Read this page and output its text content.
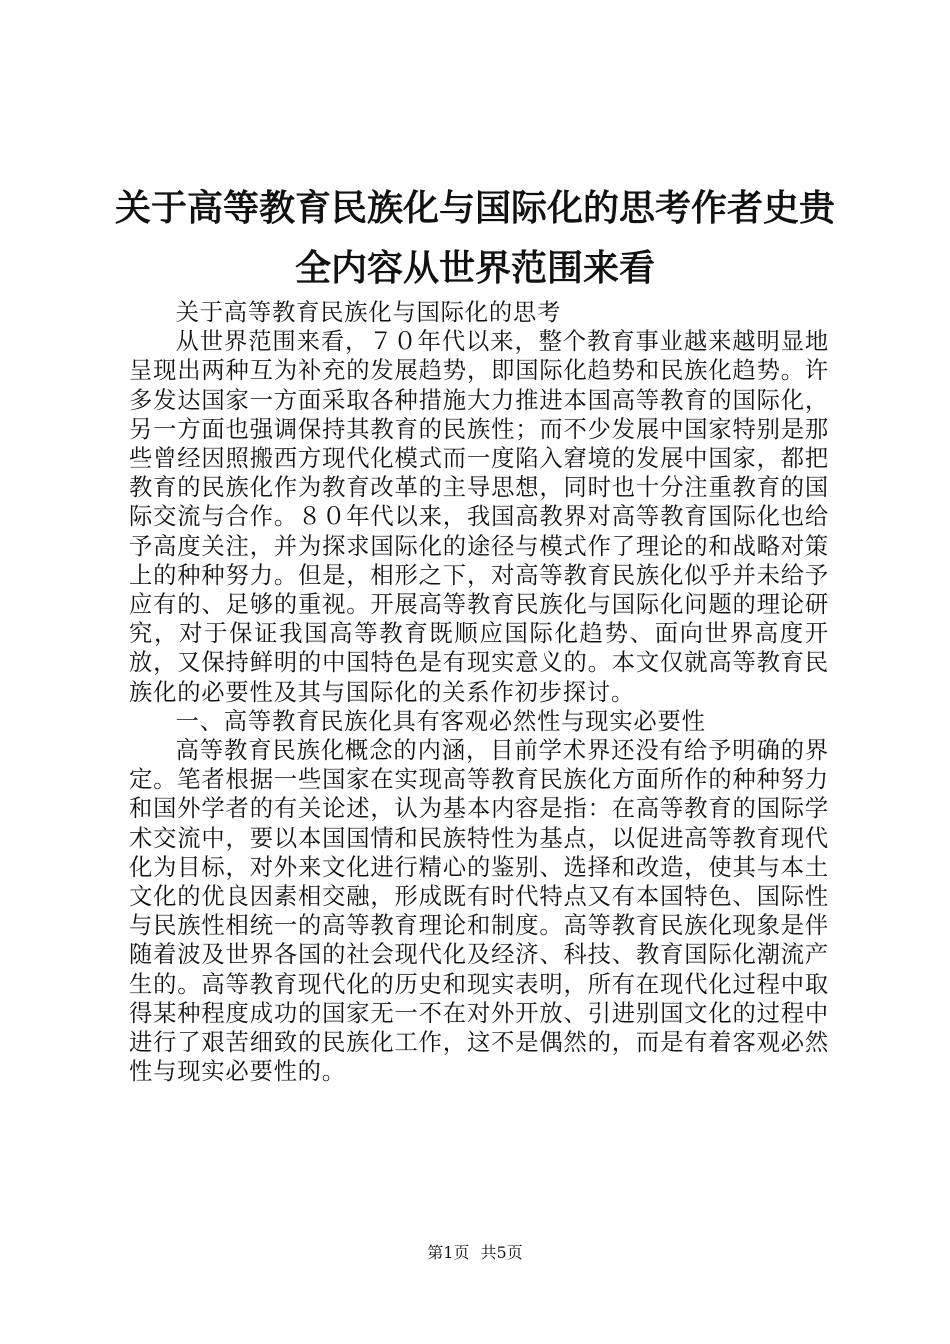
关于高等教育民族化与国际化的思考作者史贵
全内容从世界范围来看

关于高等教育民族化与国际化的思考

从世界范围来看，７０年代以来，整个教育事业越来越明显地呈现出两种互为补充的发展趋势，即国际化趋势和民族化趋势。许多发达国家一方面采取各种措施大力推进本国高等教育的国际化，另一方面也强调保持其教育的民族性；而不少发展中国家特别是那些曾经因照搬西方现代化模式而一度陷入窘境的发展中国家，都把教育的民族化作为教育改革的主导思想，同时也十分注重教育的国际交流与合作。８０年代以来，我国高教界对高等教育国际化也给予高度关注，并为探求国际化的途径与模式作了理论的和战略对策上的种种努力。但是，相形之下，对高等教育民族化似乎并未给予应有的、足够的重视。开展高等教育民族化与国际化问题的理论研究，对于保证我国高等教育既顺应国际化趋势、面向世界高度开放，又保持鲜明的中国特色是有现实意义的。本文仅就高等教育民族化的必要性及其与国际化的关系作初步探讨。

一、高等教育民族化具有客观必然性与现实必要性

高等教育民族化概念的内涵，目前学术界还没有给予明确的界定。笔者根据一些国家在实现高等教育民族化方面所作的种种努力和国外学者的有关论述，认为基本内容是指：在高等教育的国际学术交流中，要以本国国情和民族特性为基点，以促进高等教育现代化为目标，对外来文化进行精心的鉴别、选择和改造，使其与本土文化的优良因素相交融，形成既有时代特点又有本国特色、国际性与民族性相统一的高等教育理论和制度。高等教育民族化现象是伴随着波及世界各国的社会现代化及经济、科技、教育国际化潮流产生的。高等教育现代化的历史和现实表明，所有在现代化过程中取得某种程度成功的国家无一不在对外开放、引进别国文化的过程中进行了艰苦细致的民族化工作，这不是偶然的，而是有着客观必然性与现实必要性的。

第1页 共5页
